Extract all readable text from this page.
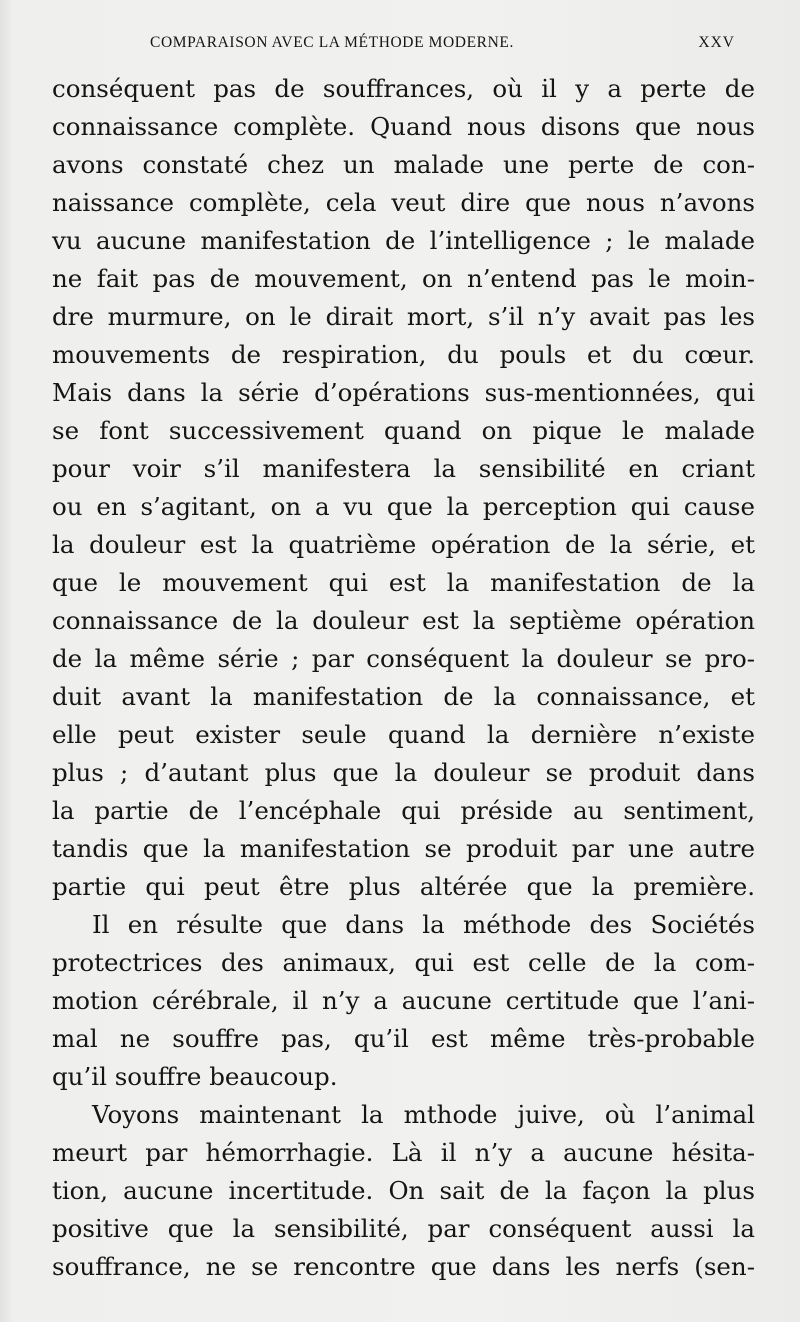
COMPARAISON AVEC LA MÉTHODE MODERNE.	XXV
conséquent pas de souffrances, où il y a perte de
connaissance complète. Quand nous disons que nous
avons constaté chez un malade une perte de con-
naissance complète, cela veut dire que nous n’avons
vu aucune manifestation de l’intelligence ; le malade
ne fait pas de mouvement, on n’entend pas le moin-
dre murmure, on le dirait mort, s’il n’y avait pas les
mouvements de respiration, du pouls et du cœur.
Mais dans la série d’opérations sus-mentionnées, qui
se font successivement quand on pique le malade
pour voir s’il manifestera la sensibilité en criant
ou en s’agitant, on a vu que la perception qui cause
la douleur est la quatrième opération de la série, et
que le mouvement qui est la manifestation de la
connaissance de la douleur est la septième opération
de la même série ; par conséquent la douleur se pro-
duit avant la manifestation de la connaissance, et
elle peut exister seule quand la dernière n’existe
plus ; d’autant plus que la douleur se produit dans
la partie de l’encéphale qui préside au sentiment,
tandis que la manifestation se produit par une autre
partie qui peut être plus altérée que la première.
Il en résulte que dans la méthode des Sociétés
protectrices des animaux, qui est celle de la com-
motion cérébrale, il n’y a aucune certitude que l’ani-
mal ne souffre pas, qu’il est même très-probable
qu’il souffre beaucoup.
Voyons maintenant la mthode juive, où l’animal
meurt par hémorrhagie. Là il n’y a aucune hésita-
tion, aucune incertitude. On sait de la façon la plus
positive que la sensibilité, par conséquent aussi la
souffrance, ne se rencontre que dans les nerfs (sen-
